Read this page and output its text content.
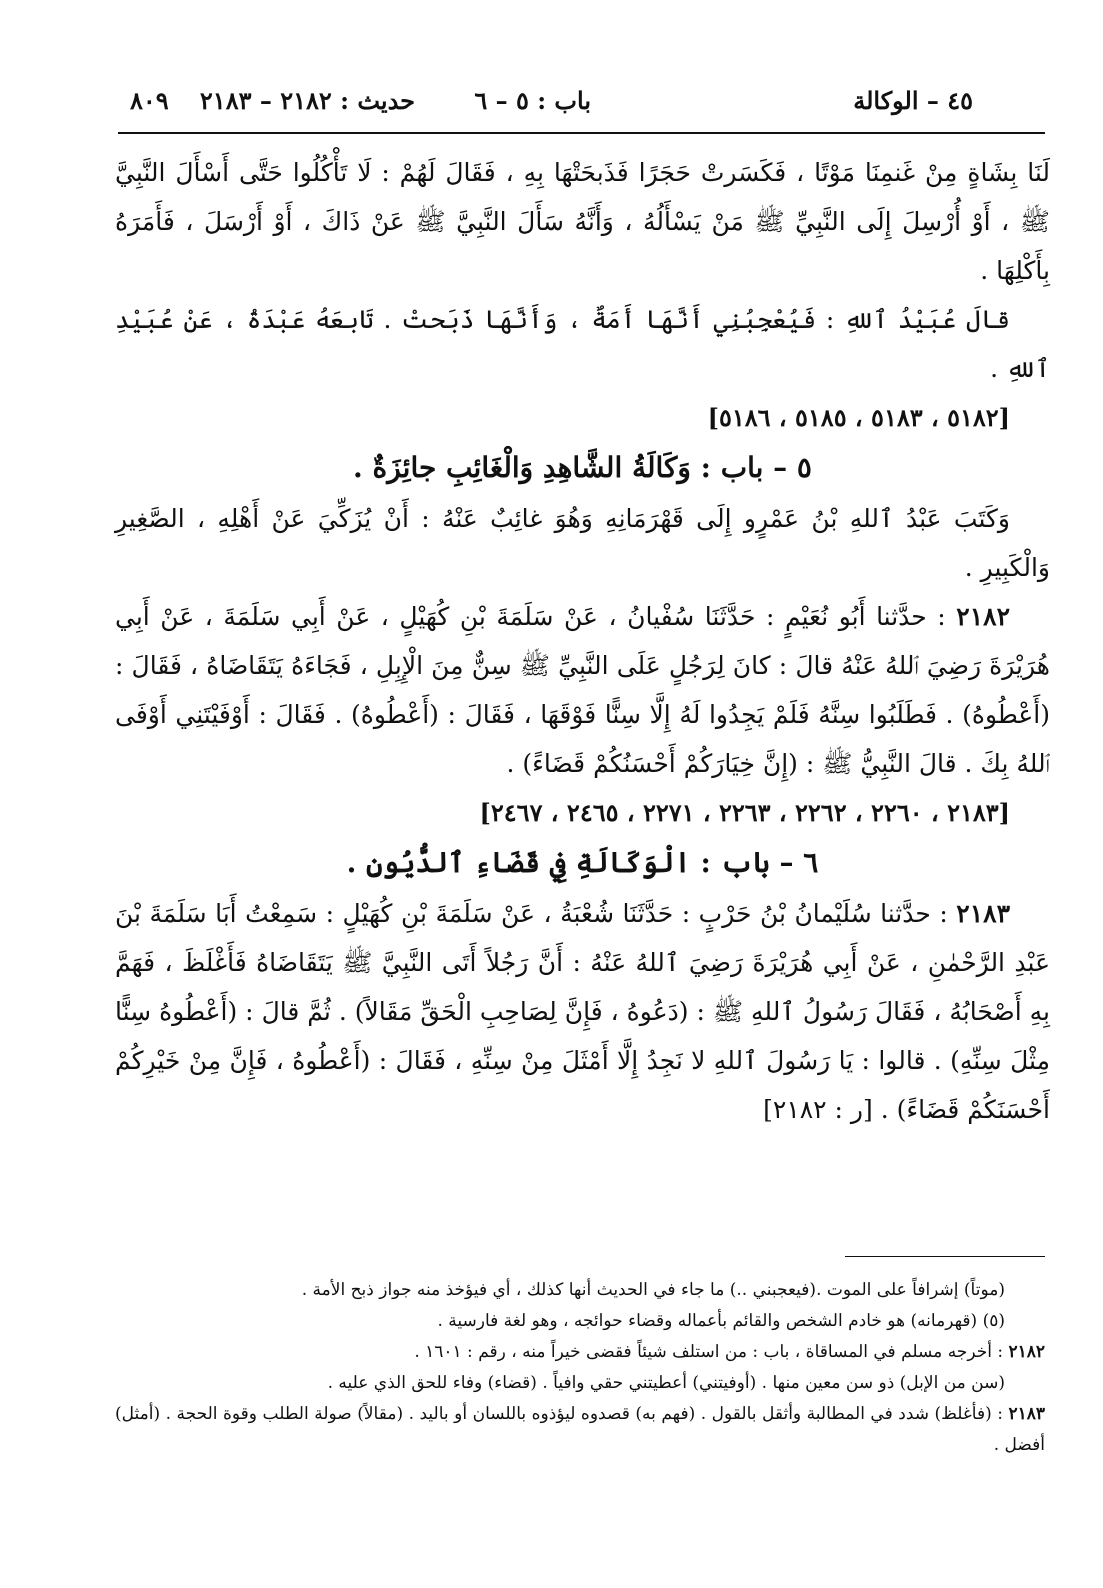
٤٥ – الوكالة
باب : ٥ – ٦
حديث : ٢١٨٢ – ٢١٨٣
٨٠٩

لَنَا بِشَاةٍ مِنْ غَنمِنَا مَوْتًا ، فَكَسَرتْ حَجَرًا فَذَبحَتْهَا بِهِ ، فَقَالَ لَهُمْ : لَا تَأْكُلُوا حَتَّى أَسْأَلَ النَّبِيَّ ﷺ ، أَوْ أُرْسِلَ إِلَى النَّبِيِّ ﷺ مَنْ يَسْأَلُهُ ، وَأَنَّهُ سَأَلَ النَّبِيَّ ﷺ عَنْ ذَاكَ ، أَوْ أَرْسَلَ ، فَأَمَرَهُ بِأَكْلِهَا .

قالَ عُبَيْدُ ٱللهِ : فَيُعْجِبُنِي أَنَّهَا أَمَةٌ ، وَأَنَّهَا ذَبَحتْ . تَابعَهُ عَبْدَةُ ، عَنْ عُبَيْدِ ٱللهِ .

[٥١٨٢ ، ٥١٨٣ ، ٥١٨٥ ، ٥١٨٦]

٥ – باب : وَكَالَةُ الشَّاهِدِ وَالْغَائِبِ جائِزَةٌ .

وَكَتَبَ عَبْدُ ٱللهِ بْنُ عَمْرٍو إِلَى قَهْرَمَانِهِ وَهُوَ غائِبٌ عَنْهُ : أَنْ يُزَكِّيَ عَنْ أَهْلِهِ ، الصَّغِيرِ وَالْكَبِيرِ .

٢١٨٢ : حدَّثنا أَبُو نُعَيْمٍ : حَدَّثَنَا سُفْيانُ ، عَنْ سَلَمَةَ بْنِ كُهَيْلٍ ، عَنْ أَبِي سَلَمَةَ ، عَنْ أَبِي هُرَيْرَةَ رَضِيَ ٱللهُ عَنْهُ قالَ : كانَ لِرَجُلٍ عَلَى النَّبِيِّ ﷺ سِنٌّ مِنَ الْإِبِلِ ، فَجَاءَهُ يَتَقَاضَاهُ ، فَقَالَ : (أَعْطُوهُ) . فَطَلَبُوا سِنَّهُ فَلَمْ يَجِدُوا لَهُ إِلَّا سِنًّا فَوْقَهَا ، فَقَالَ : (أَعْطُوهُ) . فَقَالَ : أَوْفَيْتَنِي أَوْفَى ٱللهُ بِكَ . قالَ النَّبِيُّ ﷺ : (إِنَّ خِيَارَكُمْ أَحْسَنُكُمْ قَضَاءً) .

[٢١٨٣ ، ٢٢٦٠ ، ٢٢٦٢ ، ٢٢٦٣ ، ٢٢٧١ ، ٢٤٦٥ ، ٢٤٦٧]

٦ – باب : الْوَكَالَةِ فِي قَضَاءِ ٱلدُّيُونِ .

٢١٨٣ : حدَّثنا سُلَيْمانُ بْنُ حَرْبٍ : حَدَّثَنَا شُعْبَةُ ، عَنْ سَلَمَةَ بْنِ كُهَيْلٍ : سَمِعْتُ أَبَا سَلَمَةَ بْنَ عَبْدِ الرَّحْمٰنِ ، عَنْ أَبِي هُرَيْرَةَ رَضِيَ ٱللهُ عَنْهُ : أَنَّ رَجُلاً أَتَى النَّبِيَّ ﷺ يَتَقَاضَاهُ فَأَغْلَظَ ، فَهَمَّ بِهِ أَصْحَابُهُ ، فَقَالَ رَسُولُ ٱللهِ ﷺ : (دَعُوهُ ، فَإِنَّ لِصَاحِبِ الْحَقِّ مَقَالاً) . ثُمَّ قالَ : (أَعْطُوهُ سِنًّا مِثْلَ سِنِّهِ) . قالوا : يَا رَسُولَ ٱللهِ لا نَجِدُ إِلَّا أَمْثَلَ مِنْ سِنِّهِ ، فَقَالَ : (أَعْطُوهُ ، فَإِنَّ مِنْ خَيْرِكُمْ أَحْسَنَكُمْ قَضَاءً) . [ر : ٢١٨٢]

(موتاً) إشرافاً على الموت .(فيعجبني ..) ما جاء في الحديث أنها كذلك ، أي فيؤخذ منه جواز ذبح الأمة .

(٥) (قهرمانه) هو خادم الشخص والقائم بأعماله وقضاء حوائجه ، وهو لغة فارسية .

٢١٨٢ : أخرجه مسلم في المساقاة ، باب : من استلف شيئاً فقضى خيراً منه ، رقم : ١٦٠١ .

(سن من الإبل) ذو سن معين منها . (أوفيتني) أعطيتني حقي وافياً . (قضاء) وفاء للحق الذي عليه .

٢١٨٣ : (فأغلظ) شدد في المطالبة وأثقل بالقول . (فهم به) قصدوه ليؤذوه باللسان أو باليد . (مقالاً) صولة الطلب وقوة الحجة . (أمثل) أفضل .
